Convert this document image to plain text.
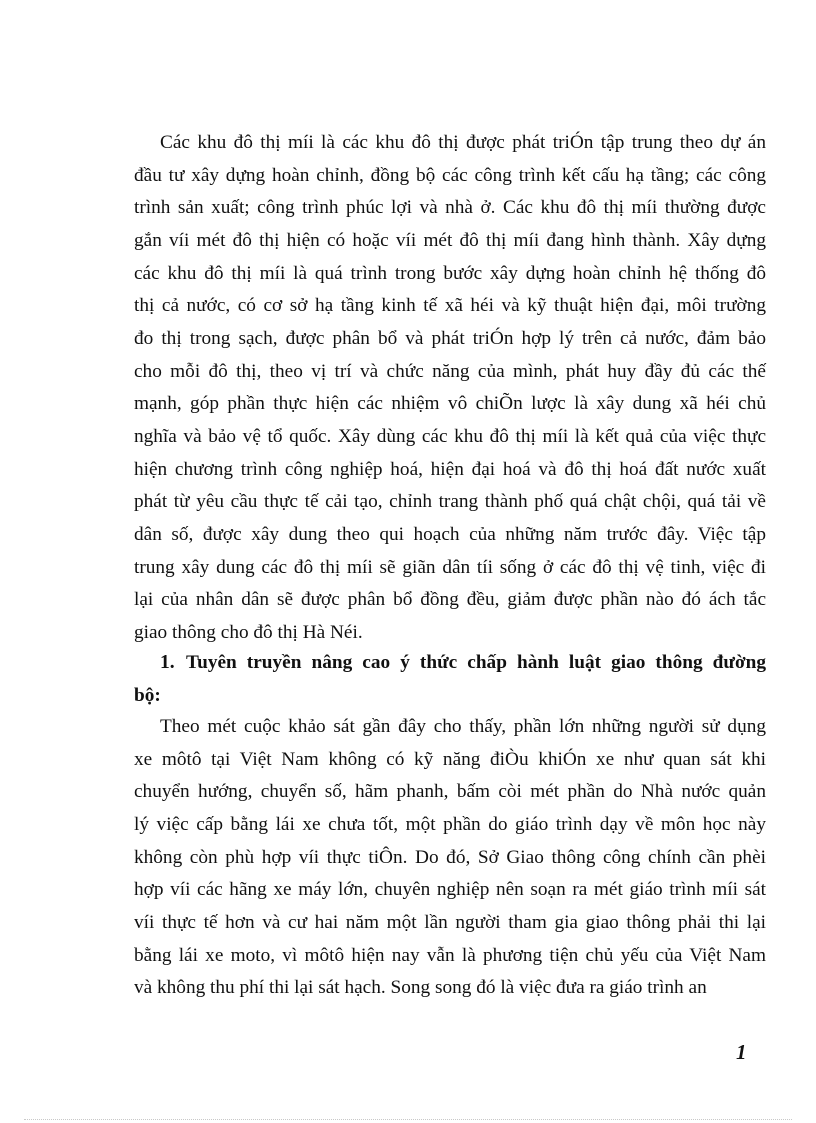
Các khu đô thị míi là các khu đô thị được phát triÓn tập trung theo dự án
đầu tư xây dựng hoàn chỉnh, đồng bộ các công trình kết cấu hạ tầng; các công
trình sản xuất; công trình phúc lợi và nhà ở. Các khu đô thị míi thường được
gắn víi mét đô thị hiện có hoặc víi mét đô thị míi đang hình thành. Xây dựng
các khu đô thị míi là quá trình trong bước xây dựng hoàn chỉnh hệ thống đô
thị cả nước, có cơ sở hạ tầng kinh tế xã héi và kỹ thuật hiện đại, môi trường
đo thị trong sạch, được phân bổ và phát triÓn hợp lý trên cả nước, đảm bảo
cho mỗi đô thị, theo vị trí và chức năng của mình, phát huy đầy đủ các thế
mạnh, góp phần thực hiện các nhiệm vô chiÕn lược là xây dung xã héi chủ
nghĩa và bảo vệ tổ quốc. Xây dùng các khu đô thị míi là kết quả của việc thực
hiện chương trình công nghiệp hoá, hiện đại hoá và đô thị hoá đất nước xuất
phát từ yêu cầu thực tế cải tạo, chỉnh trang thành phố quá chật chội, quá tải về
dân số, được xây dung theo qui hoạch của những năm trước đây. Việc tập
trung xây dung các đô thị míi sẽ giãn dân tíi sống ở các đô thị vệ tinh, việc đi
lại của nhân dân sẽ được phân bổ đồng đều, giảm được phần nào đó ách tắc
giao thông cho đô thị Hà Néi.
1. Tuyên truyền nâng cao ý thức chấp hành luật giao thông đường
bộ:
Theo mét cuộc khảo sát gần đây cho thấy, phần lớn những người sử dụng
xe môtô tại Việt Nam không có kỹ năng điÒu khiÓn xe như quan sát khi
chuyển hướng, chuyển số, hãm phanh, bấm còi mét phần do Nhà nước quản
lý việc cấp bằng lái xe chưa tốt, một phần do giáo trình dạy về môn học này
không còn phù hợp víi thực tiÔn. Do đó, Sở Giao thông công chính cần phèi
hợp víi các hãng xe máy lớn, chuyên nghiệp nên soạn ra mét giáo trình míi sát
víi thực tế hơn và cư hai năm một lần người tham gia giao thông phải thi lại
bằng lái xe moto, vì môtô hiện nay vẫn là phương tiện chủ yếu của Việt Nam
và không thu phí thi lại sát hạch. Song song đó là việc đưa ra giáo trình an
1
